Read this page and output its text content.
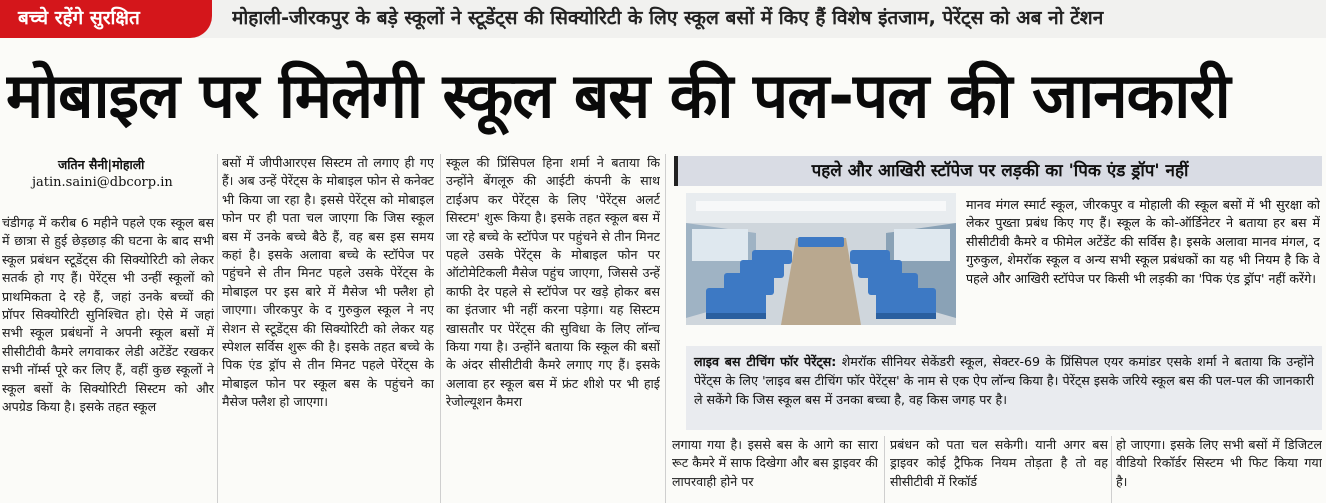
बच्चे रहेंगे सुरक्षित	मोहाली-जीरकपुर के बड़े स्कूलों ने स्टूडेंट्स की सिक्योरिटी के लिए स्कूल बसों में किए हैं विशेष इंतजाम, पेरेंट्स को अब नो टेंशन
मोबाइल पर मिलेगी स्कूल बस की पल-पल की जानकारी
जतिन सैनी|मोहाली
jatin.saini@dbcorp.in
चंडीगढ़ में करीब 6 महीने पहले एक स्कूल बस में छात्रा से हुई छेड़छाड़ की घटना के बाद सभी स्कूल प्रबंधन स्टूडेंट्स की सिक्योरिटी को लेकर सतर्क हो गए हैं। पेरेंट्स भी उन्हीं स्कूलों को प्राथमिकता दे रहे हैं, जहां उनके बच्चों की प्रॉपर सिक्योरिटी सुनिश्चित हो। ऐसे में जहां सभी स्कूल प्रबंधनों ने अपनी स्कूल बसों में सीसीटीवी कैमरे लगवाकर लेडी अटेंडेंट रखकर सभी नॉर्म्स पूरे कर लिए हैं, वहीं कुछ स्कूलों ने स्कूल बसों के सिक्योरिटी सिस्टम को और अपग्रेड किया है। इसके तहत स्कूल
बसों में जीपीआरएस सिस्टम तो लगाए ही गए हैं। अब उन्हें पेरेंट्स के मोबाइल फोन से कनेक्ट भी किया जा रहा है। इससे पेरेंट्स को मोबाइल फोन पर ही पता चल जाएगा कि जिस स्कूल बस में उनके बच्चे बैठे हैं, वह बस इस समय कहां है। इसके अलावा बच्चे के स्टॉपेज पर पहुंचने से तीन मिनट पहले उसके पेरेंट्स के मोबाइल पर इस बारे में मैसेज भी फ्लैश हो जाएगा। जीरकपुर के द गुरुकुल स्कूल ने नए सेशन से स्टूडेंट्स की सिक्योरिटी को लेकर यह स्पेशल सर्विस शुरू की है। इसके तहत बच्चे के पिक एंड ड्रॉप से तीन मिनट पहले पेरेंट्स के मोबाइल फोन पर स्कूल बस के पहुंचने का मैसेज फ्लैश हो जाएगा।
स्कूल की प्रिंसिपल हिना शर्मा ने बताया कि उन्होंने बेंगलूरु की आईटी कंपनी के साथ टाईअप कर पेरेंट्स के लिए 'पेरेंट्स अलर्ट सिस्टम' शुरू किया है। इसके तहत स्कूल बस में जा रहे बच्चे के स्टॉपेज पर पहुंचने से तीन मिनट पहले उसके पेरेंट्स के मोबाइल फोन पर ऑटोमेटिकली मैसेज पहुंच जाएगा, जिससे उन्हें काफी देर पहले से स्टॉपेज पर खड़े होकर बस का इंतजार भी नहीं करना पड़ेगा। यह सिस्टम खासतौर पर पेरेंट्स की सुविधा के लिए लॉन्च किया गया है। उन्होंने बताया कि स्कूल की बसों के अंदर सीसीटीवी कैमरे लगाए गए हैं। इसके अलावा हर स्कूल बस में फ्रंट शीशे पर भी हाई रेजोल्यूशन कैमरा
पहले और आखिरी स्टॉपेज पर लड़की का 'पिक एंड ड्रॉप' नहीं
मानव मंगल स्मार्ट स्कूल, जीरकपुर व मोहाली की स्कूल बसों में भी सुरक्षा को लेकर पुख्ता प्रबंध किए गए हैं। स्कूल के को-ऑर्डिनेटर ने बताया हर बस में सीसीटीवी कैमरे व फीमेल अटेंडेंट की सर्विस है। इसके अलावा मानव मंगल, द गुरुकुल, शेमरॉक स्कूल व अन्य सभी स्कूल प्रबंधकों का यह भी नियम है कि वे पहले और आखिरी स्टॉपेज पर किसी भी लड़की का 'पिक एंड ड्रॉप' नहीं करेंगे।
लाइव बस टीचिंग फॉर पेरेंट्स: शेमरॉक सीनियर सेकेंडरी स्कूल, सेक्टर-69 के प्रिंसिपल एयर कमांडर एसके शर्मा ने बताया कि उन्होंने पेरेंट्स के लिए 'लाइव बस टीचिंग फॉर पेरेंट्स' के नाम से एक ऐप लॉन्च किया है। पेरेंट्स इसके जरिये स्कूल बस की पल-पल की जानकारी ले सकेंगे कि जिस स्कूल बस में उनका बच्चा है, वह किस जगह पर है।
लगाया गया है। इससे बस के आगे का सारा रूट कैमरे में साफ दिखेगा और बस ड्राइवर की लापरवाही होने पर
प्रबंधन को पता चल सकेगी। यानी अगर बस ड्राइवर कोई ट्रैफिक नियम तोड़ता है तो वह सीसीटीवी में रिकॉर्ड
हो जाएगा। इसके लिए सभी बसों में डिजिटल वीडियो रिकॉर्डर सिस्टम भी फिट किया गया है।
